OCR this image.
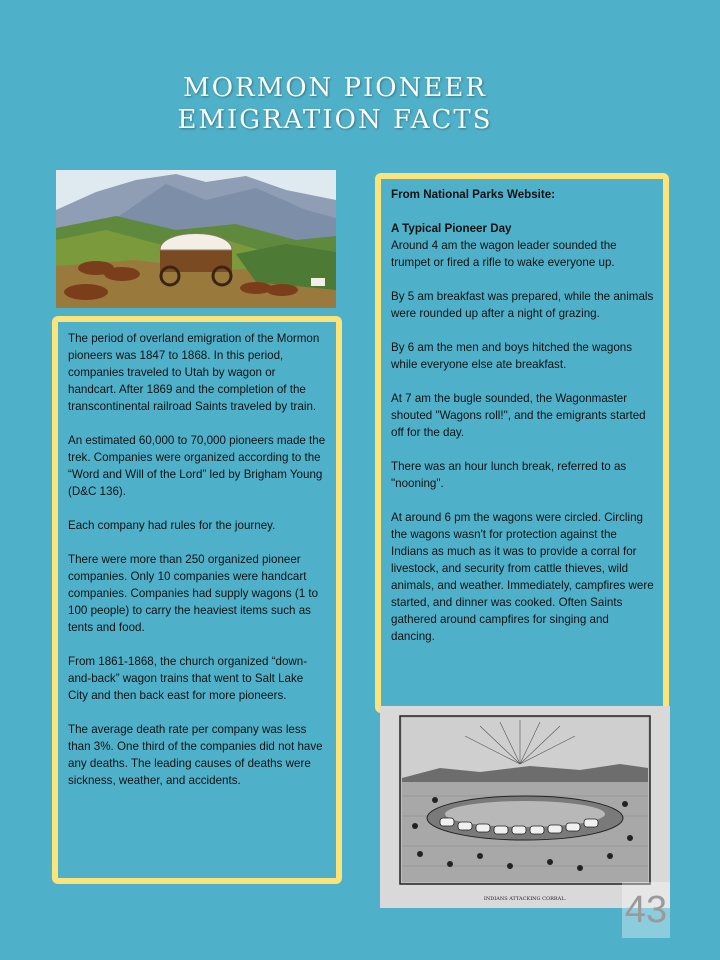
MORMON PIONEER
EMIGRATION FACTS

The period of overland emigration of the Mormon pioneers was 1847 to 1868. In this period, companies traveled to Utah by wagon or handcart. After 1869 and the completion of the transcontinental railroad Saints traveled by train.

An estimated 60,000 to 70,000 pioneers made the trek. Companies were organized according to the “Word and Will of the Lord” led by Brigham Young (D&C 136).

Each company had rules for the journey.

There were more than 250 organized pioneer companies. Only 10 companies were handcart companies. Companies had supply wagons (1 to 100 people) to carry the heaviest items such as tents and food.

From 1861-1868, the church organized “down-and-back” wagon trains that went to Salt Lake City and then back east for more pioneers.

The average death rate per company was less than 3%. One third of the companies did not have any deaths. The leading causes of deaths were sickness, weather, and accidents.

From National Parks Website:

A Typical Pioneer Day
Around 4 am the wagon leader sounded the trumpet or fired a rifle to wake everyone up.

By 5 am breakfast was prepared, while the animals were rounded up after a night of grazing.

By 6 am the men and boys hitched the wagons while everyone else ate breakfast.

At 7 am the bugle sounded, the Wagonmaster shouted "Wagons roll!", and the emigrants started off for the day.

There was an hour lunch break, referred to as "nooning".

At around 6 pm the wagons were circled. Circling the wagons wasn't for protection against the Indians as much as it was to provide a corral for livestock, and security from cattle thieves, wild animals, and weather. Immediately, campfires were started, and dinner was cooked. Often Saints gathered around campfires for singing and dancing.

INDIANS ATTACKING CORRAL. 43
